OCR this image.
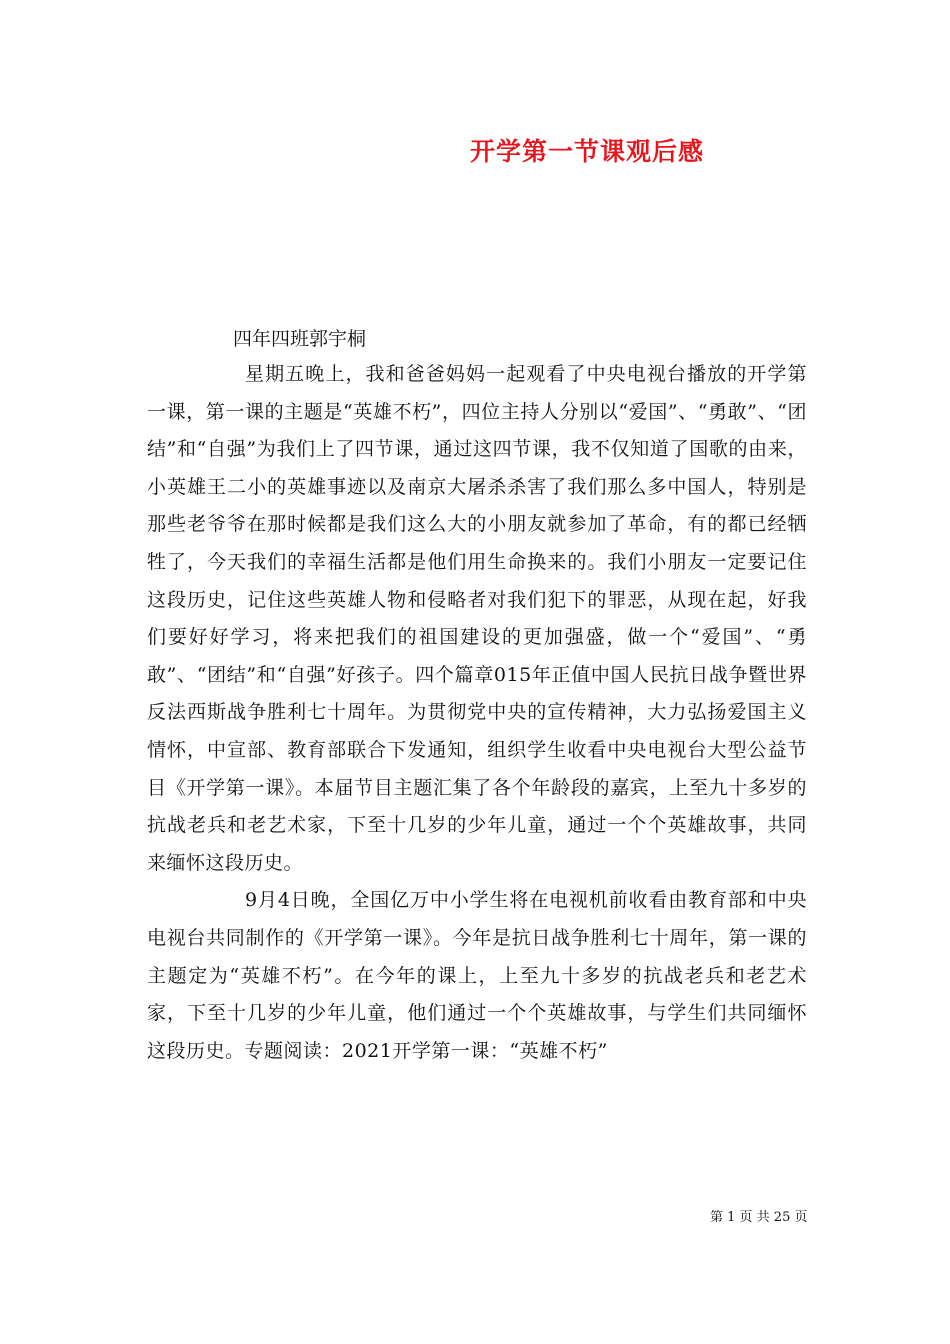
开学第一节课观后感
四年四班郭宇桐

星期五晚上，我和爸爸妈妈一起观看了中央电视台播放的开学第一课，第一课的主题是“英雄不朽”，四位主持人分别以“爱国”、“勇敢”、“团结”和“自强”为我们上了四节课，通过这四节课，我不仅知道了国歌的由来，小英雄王二小的英雄事迹以及南京大屠杀杀害了我们那么多中国人，特别是那些老爷爷在那时候都是我们这么大的小朋友就参加了革命，有的都已经牺牲了，今天我们的幸福生活都是他们用生命换来的。我们小朋友一定要记住这段历史，记住这些英雄人物和侵略者对我们犯下的罪恶，从现在起，好我们要好好学习，将来把我们的祖国建设的更加强盛，做一个“爱国”、“勇敢”、“团结”和“自强”好孩子。四个篇章015年正值中国人民抗日战争暨世界反法西斯战争胜利七十周年。为贯彻党中央的宣传精神，大力弘扬爱国主义情怀，中宣部、教育部联合下发通知，组织学生收看中央电视台大型公益节目《开学第一课》。本届节目主题汇集了各个年龄段的嘉宾，上至九十多岁的抗战老兵和老艺术家，下至十几岁的少年儿童，通过一个个英雄故事，共同来缅怀这段历史。

9月4日晚，全国亿万中小学生将在电视机前收看由教育部和中央电视台共同制作的《开学第一课》。今年是抗日战争胜利七十周年，第一课的主题定为“英雄不朽”。在今年的课上，上至九十多岁的抗战老兵和老艺术家，下至十几岁的少年儿童，他们通过一个个英雄故事，与学生们共同缅怀这段历史。专题阅读：2021开学第一课：“英雄不朽”

第 1 页 共 25 页
